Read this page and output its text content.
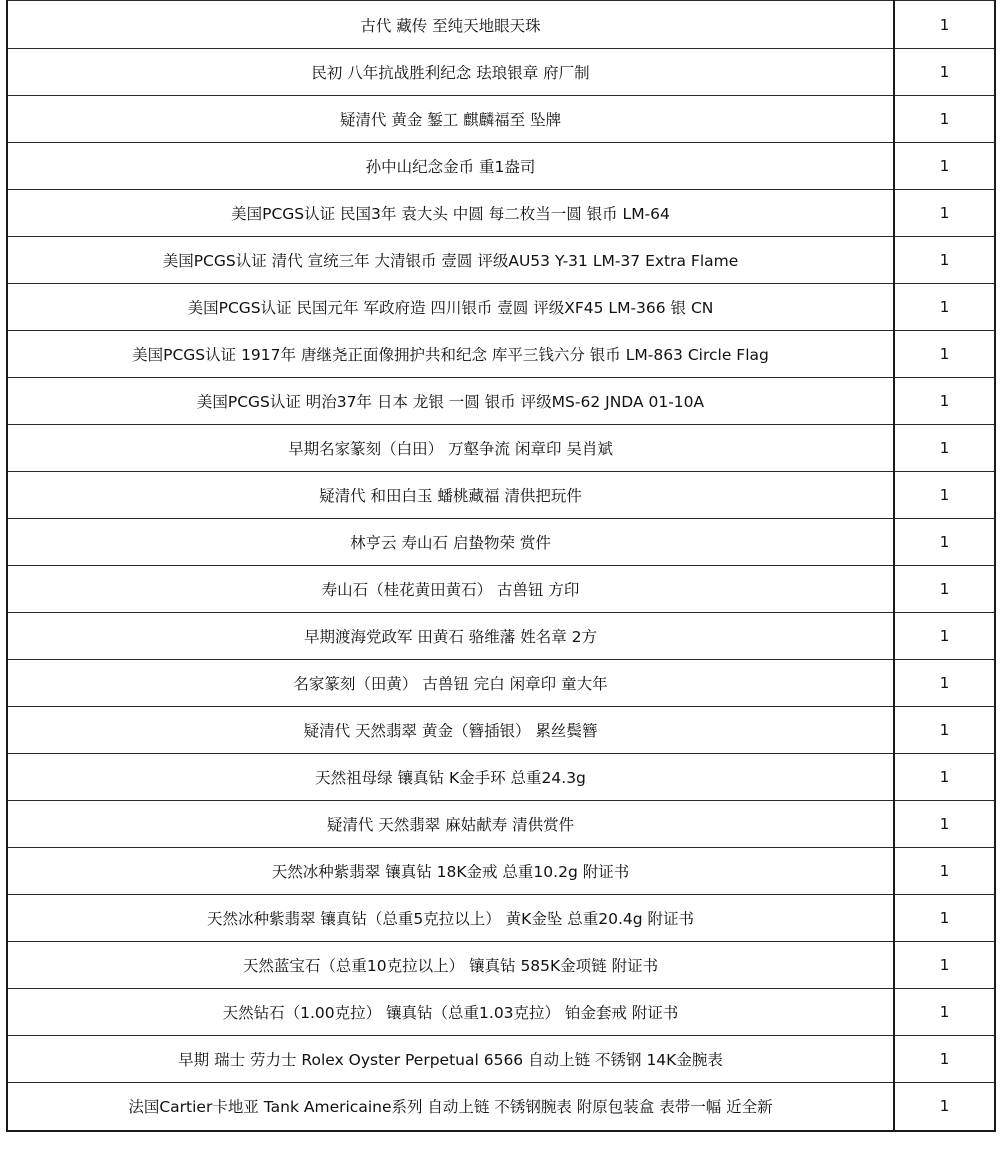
古代 藏传 至纯天地眼天珠	1
民初 八年抗战胜利纪念 珐琅银章 府厂制	1
疑清代 黄金 錾工 麒麟福至 坠牌	1
孙中山纪念金币 重1盎司	1
美国PCGS认证 民国3年 袁大头 中圆 每二枚当一圆 银币 LM-64	1
美国PCGS认证 清代 宣统三年 大清银币 壹圆 评级AU53 Y-31 LM-37 Extra Flame	1
美国PCGS认证 民国元年 军政府造 四川银币 壹圆 评级XF45 LM-366 银 CN	1
美国PCGS认证 1917年 唐继尧正面像拥护共和纪念 库平三钱六分 银币 LM-863 Circle Flag	1
美国PCGS认证 明治37年 日本 龙银 一圆 银币 评级MS-62 JNDA 01-10A	1
早期名家篆刻（白田） 万壑争流 闲章印 吴肖斌	1
疑清代 和田白玉 蟠桃藏福 清供把玩件	1
林亨云 寿山石 启蛰物荣 赏件	1
寿山石（桂花黄田黄石） 古兽钮 方印	1
早期渡海党政军 田黄石 骆维藩 姓名章 2方	1
名家篆刻（田黄） 古兽钮 完白 闲章印 童大年	1
疑清代 天然翡翠 黄金（簪插银） 累丝鬓簪	1
天然祖母绿 镶真钻 K金手环 总重24.3g	1
疑清代 天然翡翠 麻姑献寿 清供赏件	1
天然冰种紫翡翠 镶真钻 18K金戒 总重10.2g 附证书	1
天然冰种紫翡翠 镶真钻（总重5克拉以上） 黄K金坠 总重20.4g 附证书	1
天然蓝宝石（总重10克拉以上） 镶真钻 585K金项链 附证书	1
天然钻石（1.00克拉） 镶真钻（总重1.03克拉） 铂金套戒 附证书	1
早期 瑞士 劳力士 Rolex Oyster Perpetual 6566 自动上链 不锈钢 14K金腕表	1
法国Cartier卡地亚 Tank Americaine系列 自动上链 不锈钢腕表 附原包装盒 表带一幅 近全新	1
